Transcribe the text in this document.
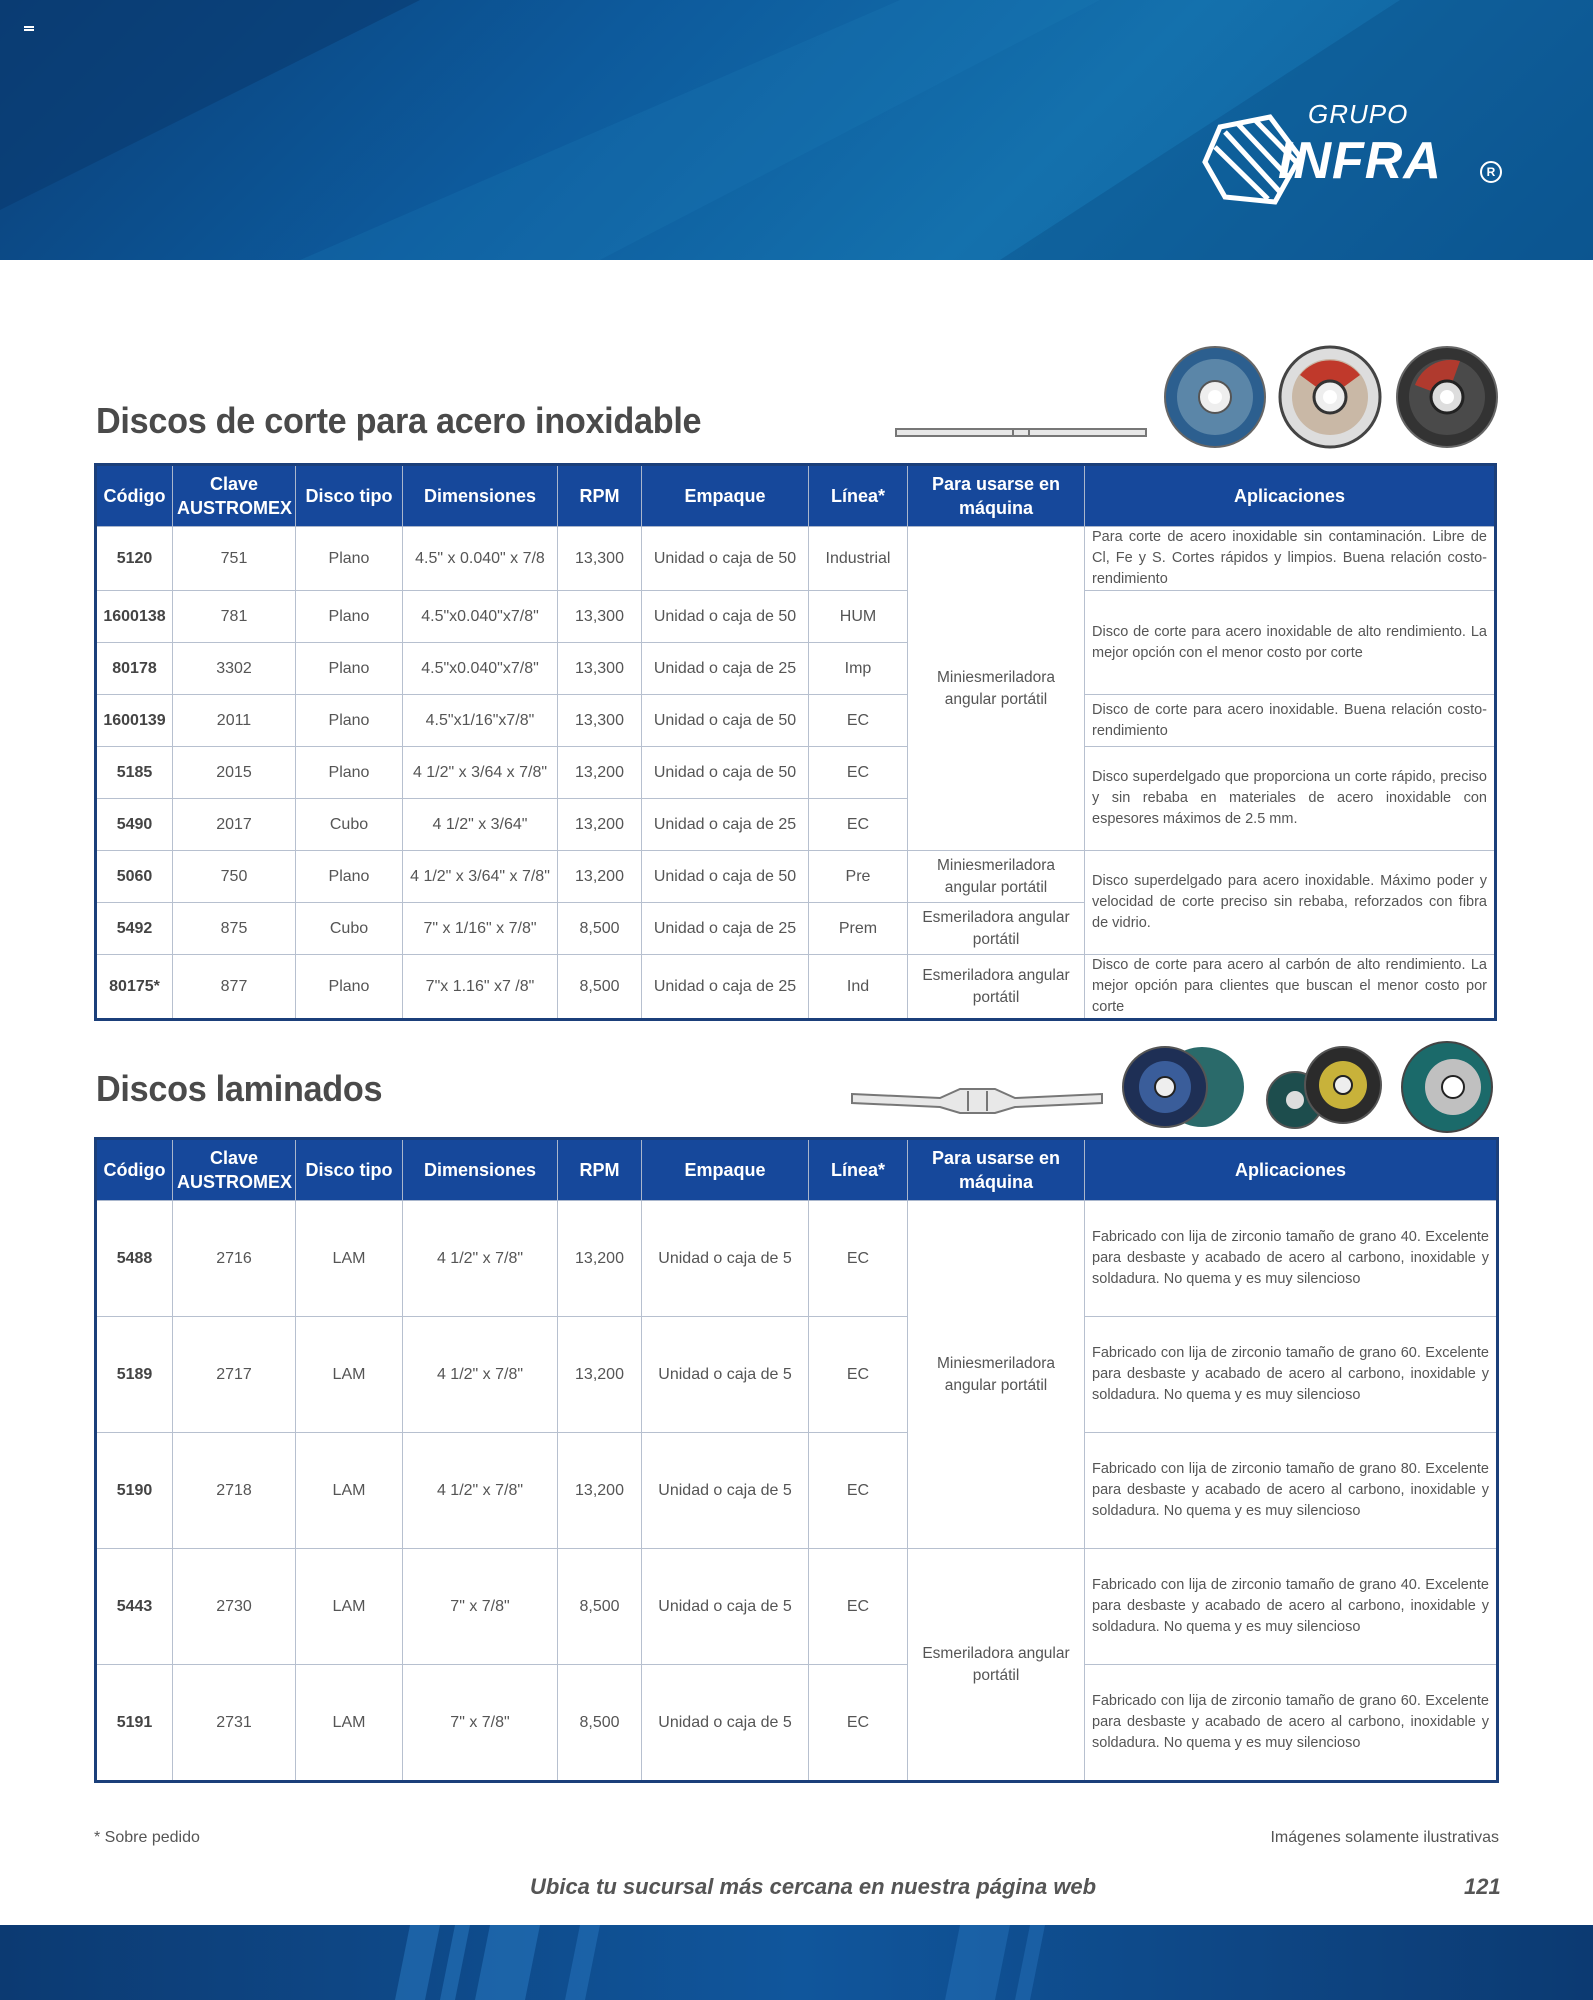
GRUPO
INFRA	R
Discos de corte para acero inoxidable
Código	Clave AUSTROMEX	Disco tipo	Dimensiones	RPM	Empaque	Línea*	Para usarse en máquina	Aplicaciones
5120	751	Plano	4.5" x 0.040" x 7/8	13,300	Unidad o caja de 50	Industrial	Miniesmeriladora angular portátil	Para corte de acero inoxidable sin contaminación. Libre de Cl, Fe y S. Cortes rápidos y limpios. Buena relación costo-rendimiento
1600138	781	Plano	4.5"x0.040"x7/8"	13,300	Unidad o caja de 50	HUM		Disco de corte para acero inoxidable de alto rendimiento. La mejor opción con el menor costo por corte
80178	3302	Plano	4.5"x0.040"x7/8"	13,300	Unidad o caja de 25	Imp		
1600139	2011	Plano	4.5"x1/16"x7/8"	13,300	Unidad o caja de 50	EC		Disco de corte para acero inoxidable. Buena relación costo-rendimiento
5185	2015	Plano	4 1/2" x 3/64 x 7/8"	13,200	Unidad o caja de 50	EC		Disco superdelgado que proporciona un corte rápido, preciso y sin rebaba en materiales de acero inoxidable con espesores máximos de 2.5 mm.
5490	2017	Cubo	4 1/2" x 3/64"	13,200	Unidad o caja de 25	EC		
5060	750	Plano	4 1/2" x 3/64" x 7/8"	13,200	Unidad o caja de 50	Pre	Miniesmeriladora angular portátil	Disco superdelgado para acero inoxidable. Máximo poder y velocidad de corte preciso sin rebaba, reforzados con fibra de vidrio.
5492	875	Cubo	7" x 1/16" x 7/8"	8,500	Unidad o caja de 25	Prem	Esmeriladora angular portátil	
80175*	877	Plano	7"x 1.16" x7 /8"	8,500	Unidad o caja de 25	Ind	Esmeriladora angular portátil	Disco de corte para acero al carbón de alto rendimiento. La mejor opción para clientes que buscan el menor costo por corte
Discos laminados
Código	Clave AUSTROMEX	Disco tipo	Dimensiones	RPM	Empaque	Línea*	Para usarse en máquina	Aplicaciones
5488	2716	LAM	4 1/2" x 7/8"	13,200	Unidad o caja de 5	EC	Miniesmeriladora angular portátil	Fabricado con lija de zirconio tamaño de grano 40. Excelente para desbaste y acabado de acero al carbono, inoxidable y soldadura. No quema y es muy silencioso
5189	2717	LAM	4 1/2" x 7/8"	13,200	Unidad o caja de 5	EC		Fabricado con lija de zirconio tamaño de grano 60. Excelente para desbaste y acabado de acero al carbono, inoxidable y soldadura. No quema y es muy silencioso
5190	2718	LAM	4 1/2" x 7/8"	13,200	Unidad o caja de 5	EC		Fabricado con lija de zirconio tamaño de grano 80. Excelente para desbaste y acabado de acero al carbono, inoxidable y soldadura. No quema y es muy silencioso
5443	2730	LAM	7" x 7/8"	8,500	Unidad o caja de 5	EC	Esmeriladora angular portátil	Fabricado con lija de zirconio tamaño de grano 40. Excelente para desbaste y acabado de acero al carbono, inoxidable y soldadura. No quema y es muy silencioso
5191	2731	LAM	7" x 7/8"	8,500	Unidad o caja de 5	EC		Fabricado con lija de zirconio tamaño de grano 60. Excelente para desbaste y acabado de acero al carbono, inoxidable y soldadura. No quema y es muy silencioso
* Sobre pedido	Imágenes solamente ilustrativas
Ubica tu sucursal más cercana en nuestra página web	121
